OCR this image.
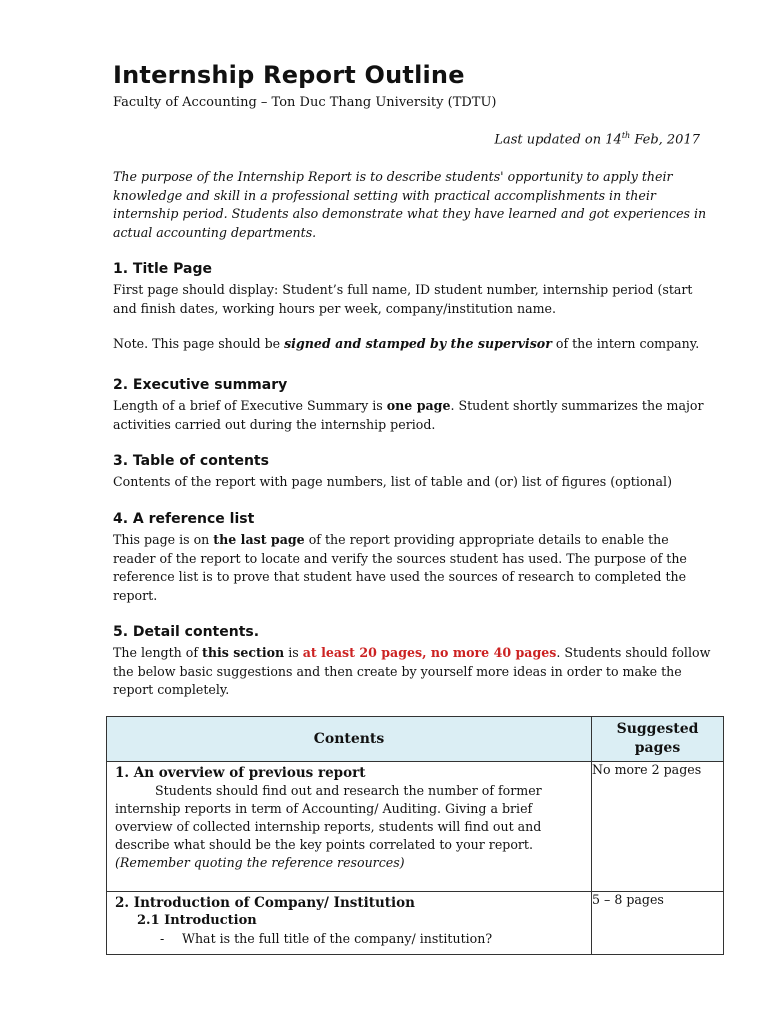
Internship Report Outline
Faculty of Accounting – Ton Duc Thang University (TDTU)
Last updated on 14th Feb, 2017
The purpose of the Internship Report is to describe students' opportunity to apply their knowledge and skill in a professional setting with practical accomplishments in their internship period. Students also demonstrate what they have learned and got experiences in actual accounting departments.
1. Title Page
First page should display: Student’s full name, ID student number, internship period (start and finish dates, working hours per week, company/institution name.
Note. This page should be signed and stamped by the supervisor of the intern company.
2. Executive summary
Length of a brief of Executive Summary is one page. Student shortly summarizes the major activities carried out during the internship period.
3. Table of contents
Contents of the report with page numbers, list of table and (or) list of figures (optional)
4. A reference list
This page is on the last page of the report providing appropriate details to enable the reader of the report to locate and verify the sources student has used. The purpose of the reference list is to prove that student have used the sources of research to completed the report.
5. Detail contents.
The length of this section is at least 20 pages, no more 40 pages. Students should follow the below basic suggestions and then create by yourself more ideas in order to make the report completely.
Contents	Suggested pages

1. An overview of previous report
Students should find out and research the number of former internship reports in term of Accounting/ Auditing. Giving a brief overview of collected internship reports, students will find out and describe what should be the key points correlated to your report.
(Remember quoting the reference resources)	No more 2 pages

2. Introduction of Company/ Institution
2.1 Introduction
- What is the full title of the company/ institution?	5 – 8 pages
